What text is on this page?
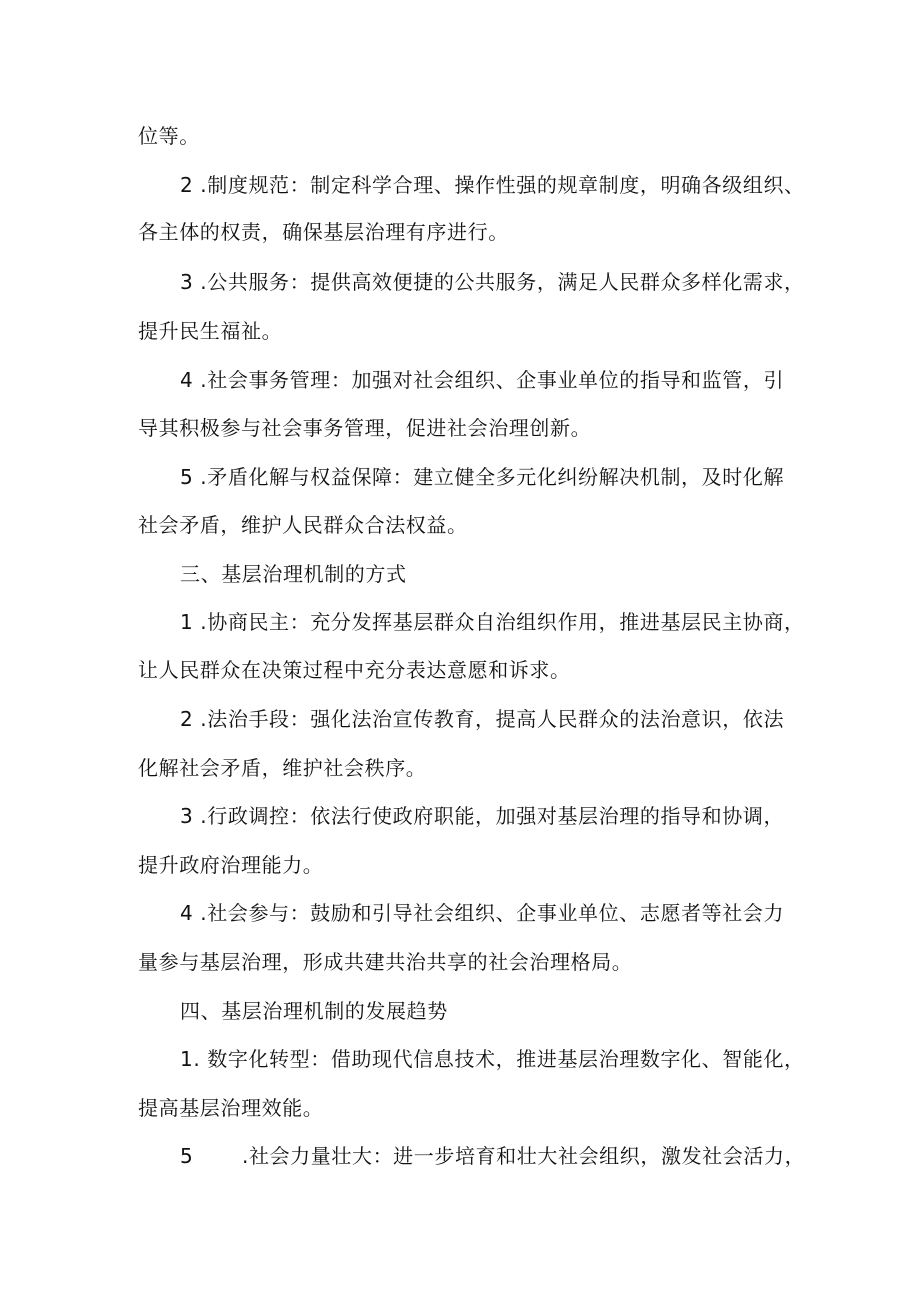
位等。
2 .制度规范：制定科学合理、操作性强的规章制度，明确各级组织、
各主体的权责，确保基层治理有序进行。
3 .公共服务：提供高效便捷的公共服务，满足人民群众多样化需求，
提升民生福祉。
4 .社会事务管理：加强对社会组织、企事业单位的指导和监管，引
导其积极参与社会事务管理，促进社会治理创新。
5 .矛盾化解与权益保障：建立健全多元化纠纷解决机制，及时化解
社会矛盾，维护人民群众合法权益。
三、基层治理机制的方式
1 .协商民主：充分发挥基层群众自治组织作用，推进基层民主协商，
让人民群众在决策过程中充分表达意愿和诉求。
2 .法治手段：强化法治宣传教育，提高人民群众的法治意识，依法
化解社会矛盾，维护社会秩序。
3 .行政调控：依法行使政府职能，加强对基层治理的指导和协调，
提升政府治理能力。
4 .社会参与：鼓励和引导社会组织、企事业单位、志愿者等社会力
量参与基层治理，形成共建共治共享的社会治理格局。
四、基层治理机制的发展趋势
1. 数字化转型：借助现代信息技术，推进基层治理数字化、智能化，
提高基层治理效能。
5       .社会力量壮大：进一步培育和壮大社会组织，激发社会活力，
